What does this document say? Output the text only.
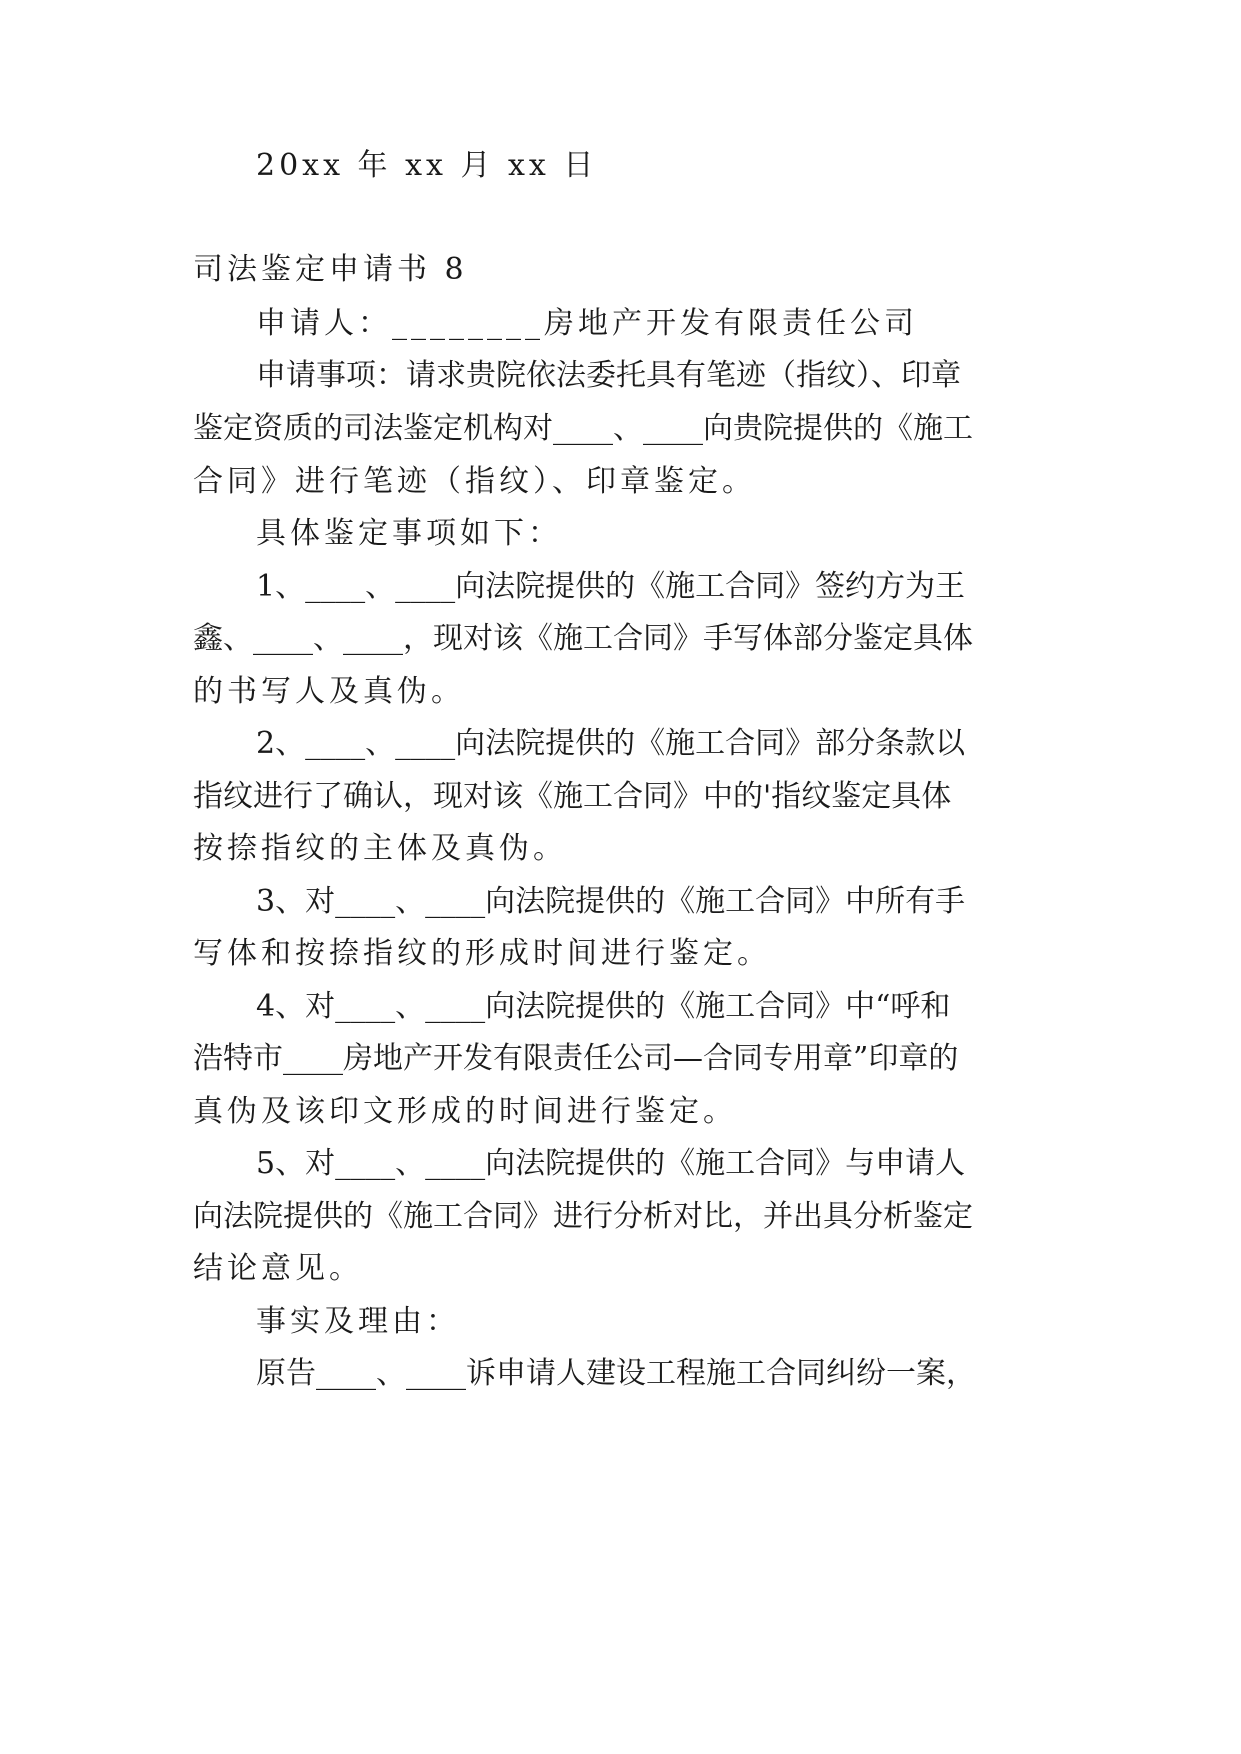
20xx 年 xx 月 xx 日
司法鉴定申请书 8
申请人：________房地产开发有限责任公司
申请事项：请求贵院依法委托具有笔迹（指纹）、印章
鉴定资质的司法鉴定机构对____、____向贵院提供的《施工
合同》进行笔迹（指纹）、印章鉴定。
具体鉴定事项如下：
1、____、____向法院提供的《施工合同》签约方为王
鑫、____、____，现对该《施工合同》手写体部分鉴定具体
的书写人及真伪。
2、____、____向法院提供的《施工合同》部分条款以
指纹进行了确认，现对该《施工合同》中的'指纹鉴定具体
按捺指纹的主体及真伪。
3、对____、____向法院提供的《施工合同》中所有手
写体和按捺指纹的形成时间进行鉴定。
4、对____、____向法院提供的《施工合同》中“呼和
浩特市____房地产开发有限责任公司—合同专用章”印章的
真伪及该印文形成的时间进行鉴定。
5、对____、____向法院提供的《施工合同》与申请人
向法院提供的《施工合同》进行分析对比，并出具分析鉴定
结论意见。
事实及理由：
原告____、____诉申请人建设工程施工合同纠纷一案，
